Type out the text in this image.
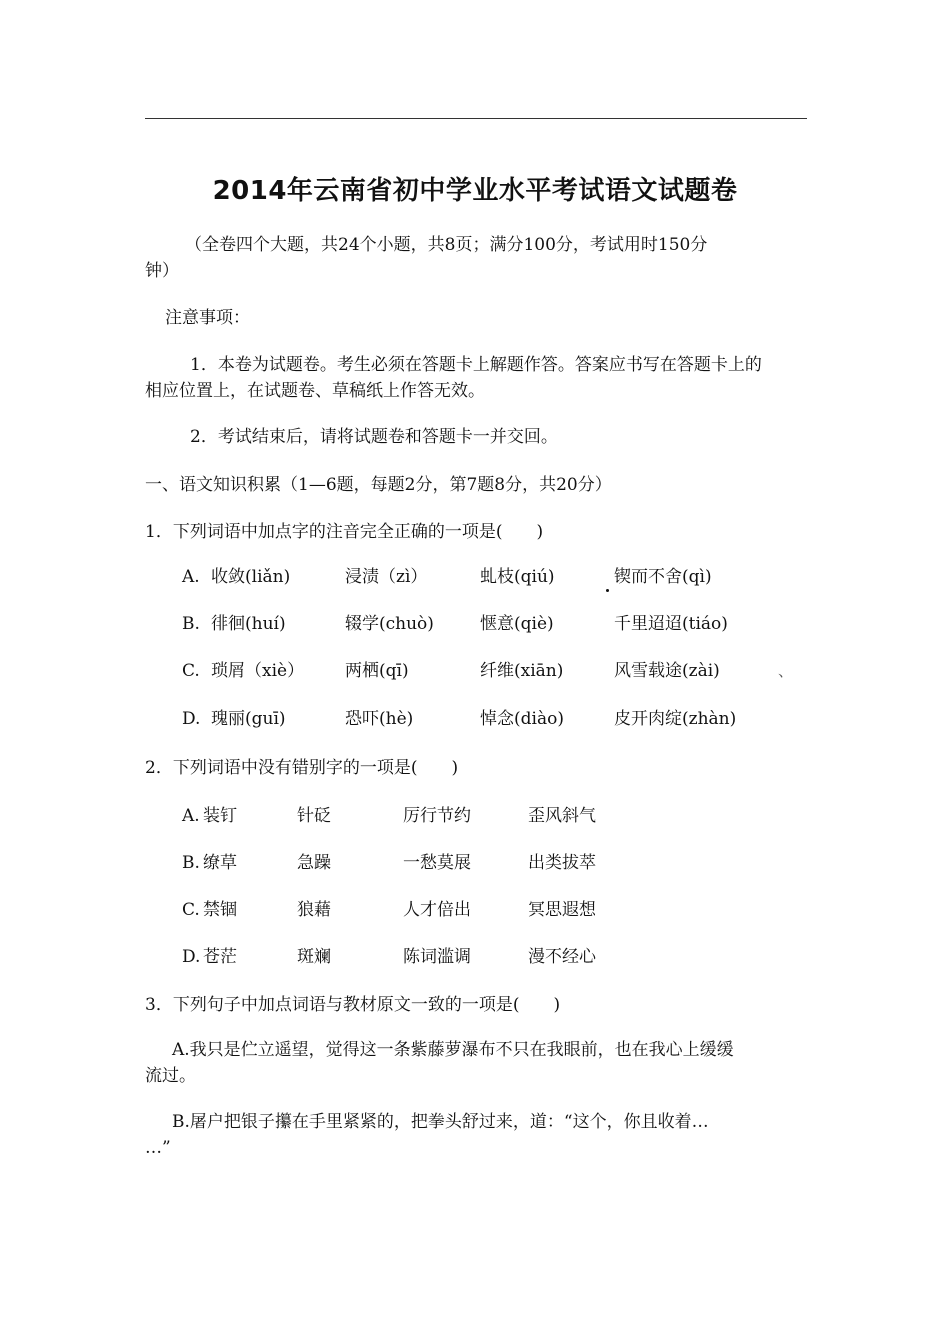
2014年云南省初中学业水平考试语文试题卷
（全卷四个大题，共24个小题，共8页；满分100分，考试用时150分
钟）
注意事项：
1．本卷为试题卷。考生必须在答题卡上解题作答。答案应书写在答题卡上的
相应位置上，在试题卷、草稿纸上作答无效。
2．考试结束后，请将试题卷和答题卡一并交回。
一、语文知识积累（1—6题，每题2分，第7题8分，共20分）
1．下列词语中加点字的注音完全正确的一项是(　　)
A. 收敛(liǎn)	浸渍（zì）	虬枝(qiú)	锲而不舍(qì)
B. 徘徊(huí)	辍学(chuò)	惬意(qiè)	千里迢迢(tiáo)
C. 琐屑（xiè） 两栖(qī)	纤维(xiān)	风雪载途(zài)	、
D. 瑰丽(guī)	恐吓(hè)	悼念(diào)	皮开肉绽(zhàn)
2．下列词语中没有错别字的一项是(　　)
A. 装钉	针砭	厉行节约	歪风斜气
B. 缭草	急躁	一愁莫展	出类拔萃
C. 禁锢	狼藉	人才倍出	冥思遐想
D. 苍茫	斑斓	陈词滥调	漫不经心
3．下列句子中加点词语与教材原文一致的一项是(　　)
A.我只是伫立遥望，觉得这一条紫藤萝瀑布不只在我眼前，也在我心上缓缓
流过。
B.屠户把银子攥在手里紧紧的，把拳头舒过来，道：“这个，你且收着…
…”
